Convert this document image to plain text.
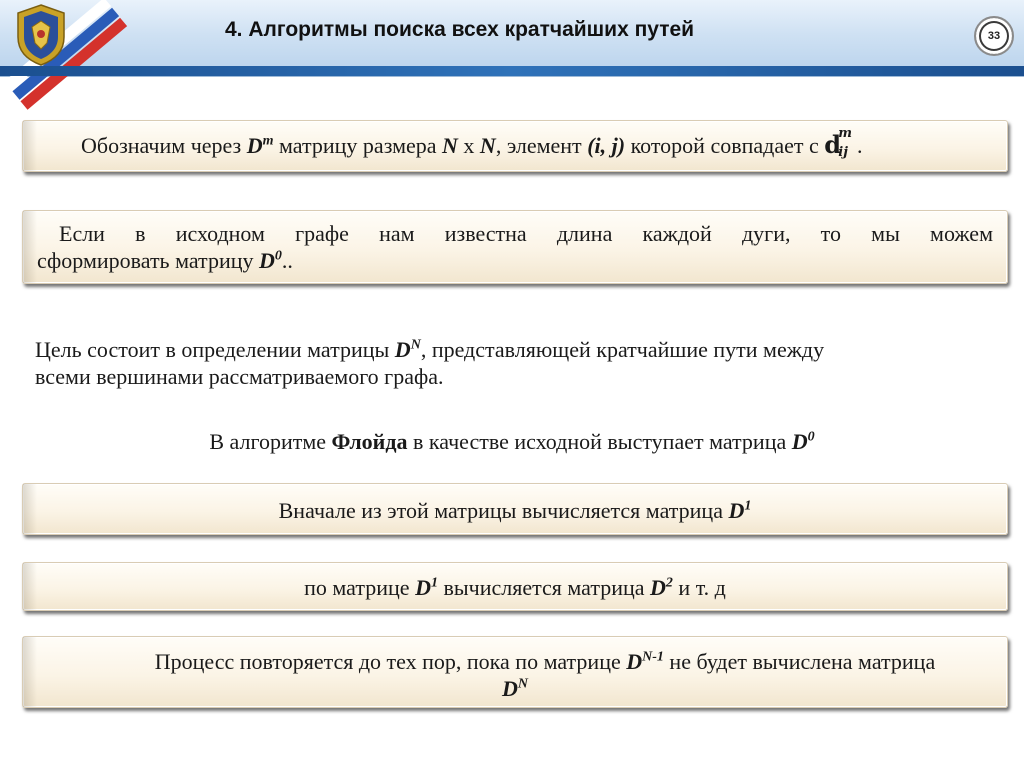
4. Алгоритмы поиска всех кратчайших путей	33
Обозначим через $D^m$ матрицу размера N x N, элемент (i, j) которой совпадает с d
m
ij .
Если в исходном графе нам известна длина каждой дуги, то мы можем
сформировать матрицу $D^0$..
Цель состоит в определении матрицы $D^N$, представляющей кратчайшие пути между
всеми вершинами рассматриваемого графа.
В алгоритме Флойда в качестве исходной выступает матрица $D^0$
Вначале из этой матрицы вычисляется матрица $D^1$
по матрице $D^1$ вычисляется матрица $D^2$ и т. д
Процесс повторяется до тех пор, пока по матрице $D^{N-1}$ не будет вычислена матрица
$D^N$
